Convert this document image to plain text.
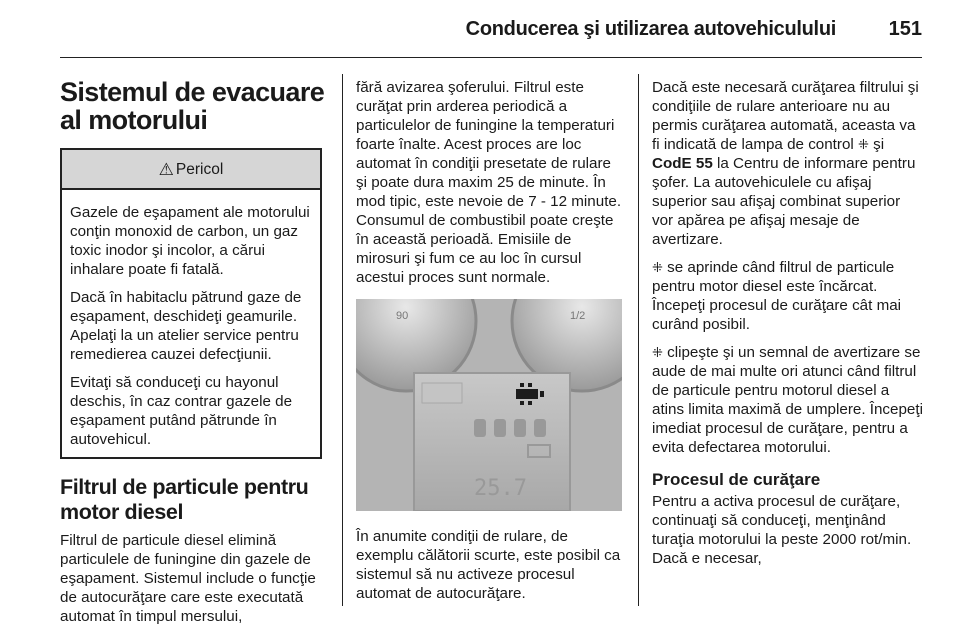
Conducerea şi utilizarea autovehiculului	151
Sistemul de evacuare al motorului
⚠ Pericol

Gazele de eşapament ale motorului conţin monoxid de carbon, un gaz toxic inodor şi incolor, a cărui inhalare poate fi fatală.

Dacă în habitaclu pătrund gaze de eşapament, deschideţi geamurile. Apelaţi la un atelier service pentru remedierea cauzei defecţiunii.

Evitaţi să conduceţi cu hayonul deschis, în caz contrar gazele de eşapament putând pătrunde în autovehicul.

Filtrul de particule pentru motor diesel

Filtrul de particule diesel elimină particulele de funingine din gazele de eşapament. Sistemul include o funcţie de autocurăţare care este executată automat în timpul mersului,

fără avizarea şoferului. Filtrul este curăţat prin arderea periodică a particulelor de funingine la temperaturi foarte înalte. Acest proces are loc automat în condiţii presetate de rulare şi poate dura maxim 25 de minute. În mod tipic, este nevoie de 7 - 12 minute. Consumul de combustibil poate creşte în această perioadă. Emisiile de mirosuri şi fum ce au loc în cursul acestui proces sunt normale.

90	1/2
25.7

În anumite condiţii de rulare, de exemplu călătorii scurte, este posibil ca sistemul să nu activeze procesul automat de autocurăţare.

Dacă este necesară curăţarea filtrului şi condiţiile de rulare anterioare nu au permis curăţarea automată, aceasta va fi indicată de lampa de control ⁜ şi CodE 55 la Centru de informare pentru şofer. La autovehiculele cu afişaj superior sau afişaj combinat superior vor apărea pe afişaj mesaje de avertizare.

⁜ se aprinde când filtrul de particule pentru motor diesel este încărcat. Începeţi procesul de curăţare cât mai curând posibil.

⁜ clipeşte şi un semnal de avertizare se aude de mai multe ori atunci când filtrul de particule pentru motorul diesel a atins limita maximă de umplere. Începeţi imediat procesul de curăţare, pentru a evita defectarea motorului.

Procesul de curăţare

Pentru a activa procesul de curăţare, continuaţi să conduceţi, menţinând turaţia motorului la peste 2000 rot/min. Dacă e necesar,
